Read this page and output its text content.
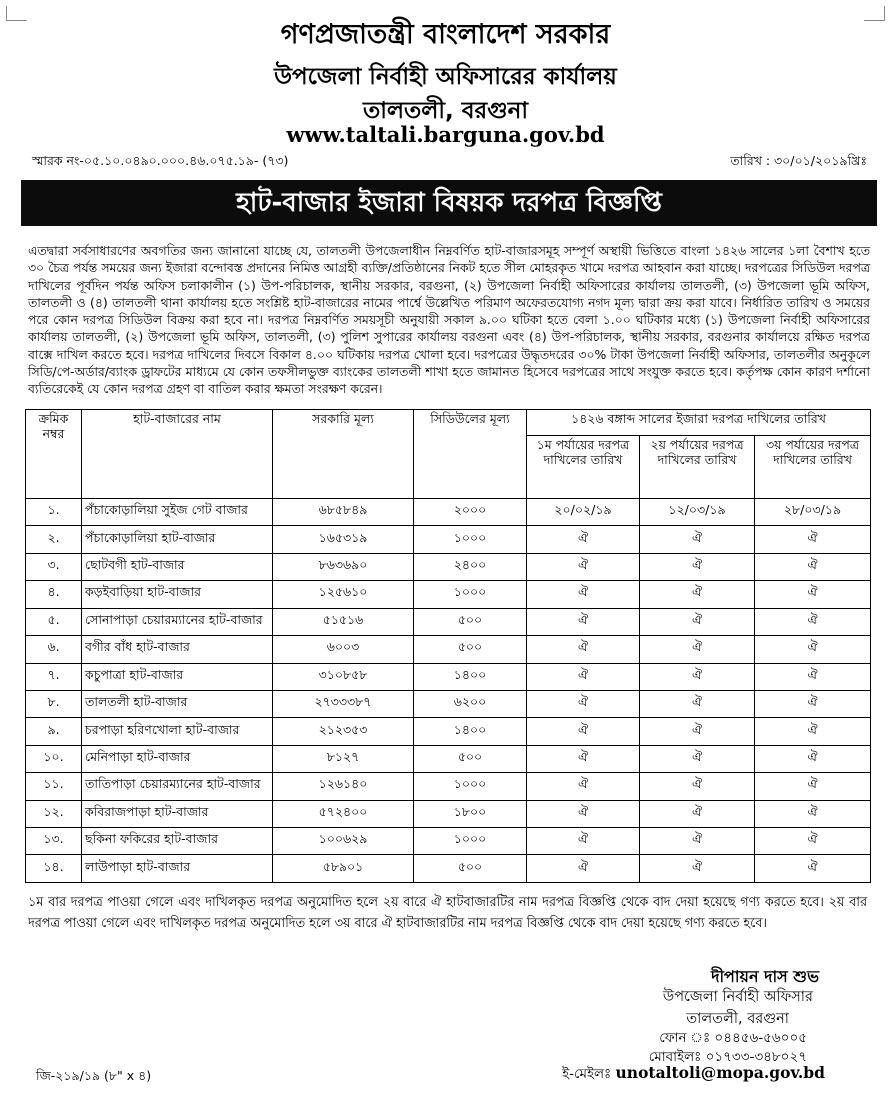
গণপ্রজাতন্ত্রী বাংলাদেশ সরকার
উপজেলা নির্বাহী অফিসারের কার্যালয়
তালতলী, বরগুনা
www.taltali.barguna.gov.bd
স্মারক নং-০৫.১০.০৪৯০.০০০.৪৬.০৭৫.১৯- (৭৩)	তারিখ : ৩০/০১/২০১৯খ্রিঃ
হাট-বাজার ইজারা বিষয়ক দরপত্র বিজ্ঞপ্তি
এতদ্বারা সর্বসাধারণের অবগতির জন্য জানানো যাচ্ছে যে, তালতলী উপজেলাধীন নিম্নবর্ণিত হাট-বাজারসমূহ সম্পূর্ণ অস্থায়ী ভিত্তিতে বাংলা ১৪২৬ সালের ১লা বৈশাখ হতে ৩০ চৈত্র পর্যন্ত সময়ের জন্য ইজারা বন্দোবস্ত প্রদানের নিমিত্ত আগ্রহী ব্যক্তি/প্রতিষ্ঠানের নিকট হতে সীল মোহরকৃত খামে দরপত্র আহবান করা যাচ্ছে। দরপত্রের সিডিউল দরপত্র দাখিলের পূর্বদিন পর্যন্ত অফিস চলাকালীন (১) উপ-পরিচালক, স্থানীয় সরকার, বরগুনা, (২) উপজেলা নির্বাহী অফিসারের কার্যালয় তালতলী, (৩) উপজেলা ভূমি অফিস, তালতলী ও (৪) তালতলী থানা কার্যালয় হতে সংশ্লিষ্ট হাট-বাজারের নামের পার্শ্বে উল্লেখিত পরিমাণ অফেরতযোগ্য নগদ মূল্য দ্বারা ক্রয় করা যাবে। নির্ধারিত তারিখ ও সময়ের পরে কোন দরপত্র সিডিউল বিক্রয় করা হবে না। দরপত্র নিম্নবর্ণিত সময়সূচী অনুযায়ী সকাল ৯.০০ ঘটিকা হতে বেলা ১.০০ ঘটিকার মধ্যে (১) উপজেলা নির্বাহী অফিসারের কার্যালয় তালতলী, (২) উপজেলা ভূমি অফিস, তালতলী, (৩) পুলিশ সুপারের কার্যালয় বরগুনা এবং (৪) উপ-পরিচালক, স্থানীয় সরকার, বরগুনার কার্যালয়ে রক্ষিত দরপত্র বাক্সে দাখিল করতে হবে। দরপত্র দাখিলের দিবসে বিকাল ৪.০০ ঘটিকায় দরপত্র খোলা হবে। দরপত্রের উদ্ধৃতদরের ৩০% টাকা উপজেলা নির্বাহী অফিসার, তালতলীর অনুকূলে সিডি/পে-অর্ডার/ব্যাংক ড্রাফটের মাধ্যমে যে কোন তফসীলভুক্ত ব্যাংকের তালতলী শাখা হতে জামানত হিসেবে দরপত্রের সাথে সংযুক্ত করতে হবে। কর্তৃপক্ষ কোন কারণ দর্শানো ব্যতিরেকেই যে কোন দরপত্র গ্রহণ বা বাতিল করার ক্ষমতা সংরক্ষণ করেন।
ক্রমিক নম্বর	হাট-বাজারের নাম	সরকারি মূল্য	সিডিউলের মূল্য	১৪২৬ বঙ্গাব্দ সালের ইজারা দরপত্র দাখিলের তারিখ		
				১ম পর্যায়ের দরপত্র দাখিলের তারিখ	২য় পর্যায়ের দরপত্র দাখিলের তারিখ	৩য় পর্যায়ের দরপত্র দাখিলের তারিখ
১.	পঁচাকোড়ালিয়া সুইজ গেট বাজার	৬৮৫৮৪৯	২০০০	২০/০২/১৯	১২/০৩/১৯	২৮/০৩/১৯
২.	পঁচাকোড়ালিয়া হাট-বাজার	১৬৫৩১৯	১০০০	ঐ	ঐ	ঐ
৩.	ছোটবগী হাট-বাজার	৮৬৩৬৯০	২৪০০	ঐ	ঐ	ঐ
৪.	কড়ইবাড়িয়া হাট-বাজার	১২৫৬১০	১০০০	ঐ	ঐ	ঐ
৫.	সোনাপাড়া চেয়ারম্যানের হাট-বাজার	৫১৫১৬	৫০০	ঐ	ঐ	ঐ
৬.	বগীর বাঁধ হাট-বাজার	৬০০৩	৫০০	ঐ	ঐ	ঐ
৭.	কচুপাত্রা হাট-বাজার	৩১০৮৫৮	১৪০০	ঐ	ঐ	ঐ
৮.	তালতলী হাট-বাজার	২৭৩৩৩৮৭	৬২০০	ঐ	ঐ	ঐ
৯.	চরপাড়া হরিণখোলা হাট-বাজার	২১২৩৫৩	১৪০০	ঐ	ঐ	ঐ
১০.	মেনিপাড়া হাট-বাজার	৮১২৭	৫০০	ঐ	ঐ	ঐ
১১.	তাতিপাড়া চেয়ারম্যানের হাট-বাজার	১২৬১৪০	১০০০	ঐ	ঐ	ঐ
১২.	কবিরাজপাড়া হাট-বাজার	৫৭২৪০০	১৮০০	ঐ	ঐ	ঐ
১৩.	ছকিনা ফকিরের হাট-বাজার	১০০৬২৯	১০০০	ঐ	ঐ	ঐ
১৪.	লাউপাড়া হাট-বাজার	৫৮৯০১	৫০০	ঐ	ঐ	ঐ
১ম বার দরপত্র পাওয়া গেলে এবং দাখিলকৃত দরপত্র অনুমোদিত হলে ২য় বারে ঐ হাটবাজারটির নাম দরপত্র বিজ্ঞপ্তি থেকে বাদ দেয়া হয়েছে গণ্য করতে হবে। ২য় বার দরপত্র পাওয়া গেলে এবং দাখিলকৃত দরপত্র অনুমোদিত হলে ৩য় বারে ঐ হাটবাজারটির নাম দরপত্র বিজ্ঞপ্তি থেকে বাদ দেয়া হয়েছে গণ্য করতে হবে।
দীপায়ন দাস শুভ
উপজেলা নির্বাহী অফিসার
তালতলী, বরগুনা
ফোন ঃ ০৪৪৫৬-৫৬০০৫
মোবাইলঃ ০১৭৩৩-৩৪৮০২৭
ই-মেইলঃ unotaltoli@mopa.gov.bd
জি-২১৯/১৯ (৮" x ৪)
